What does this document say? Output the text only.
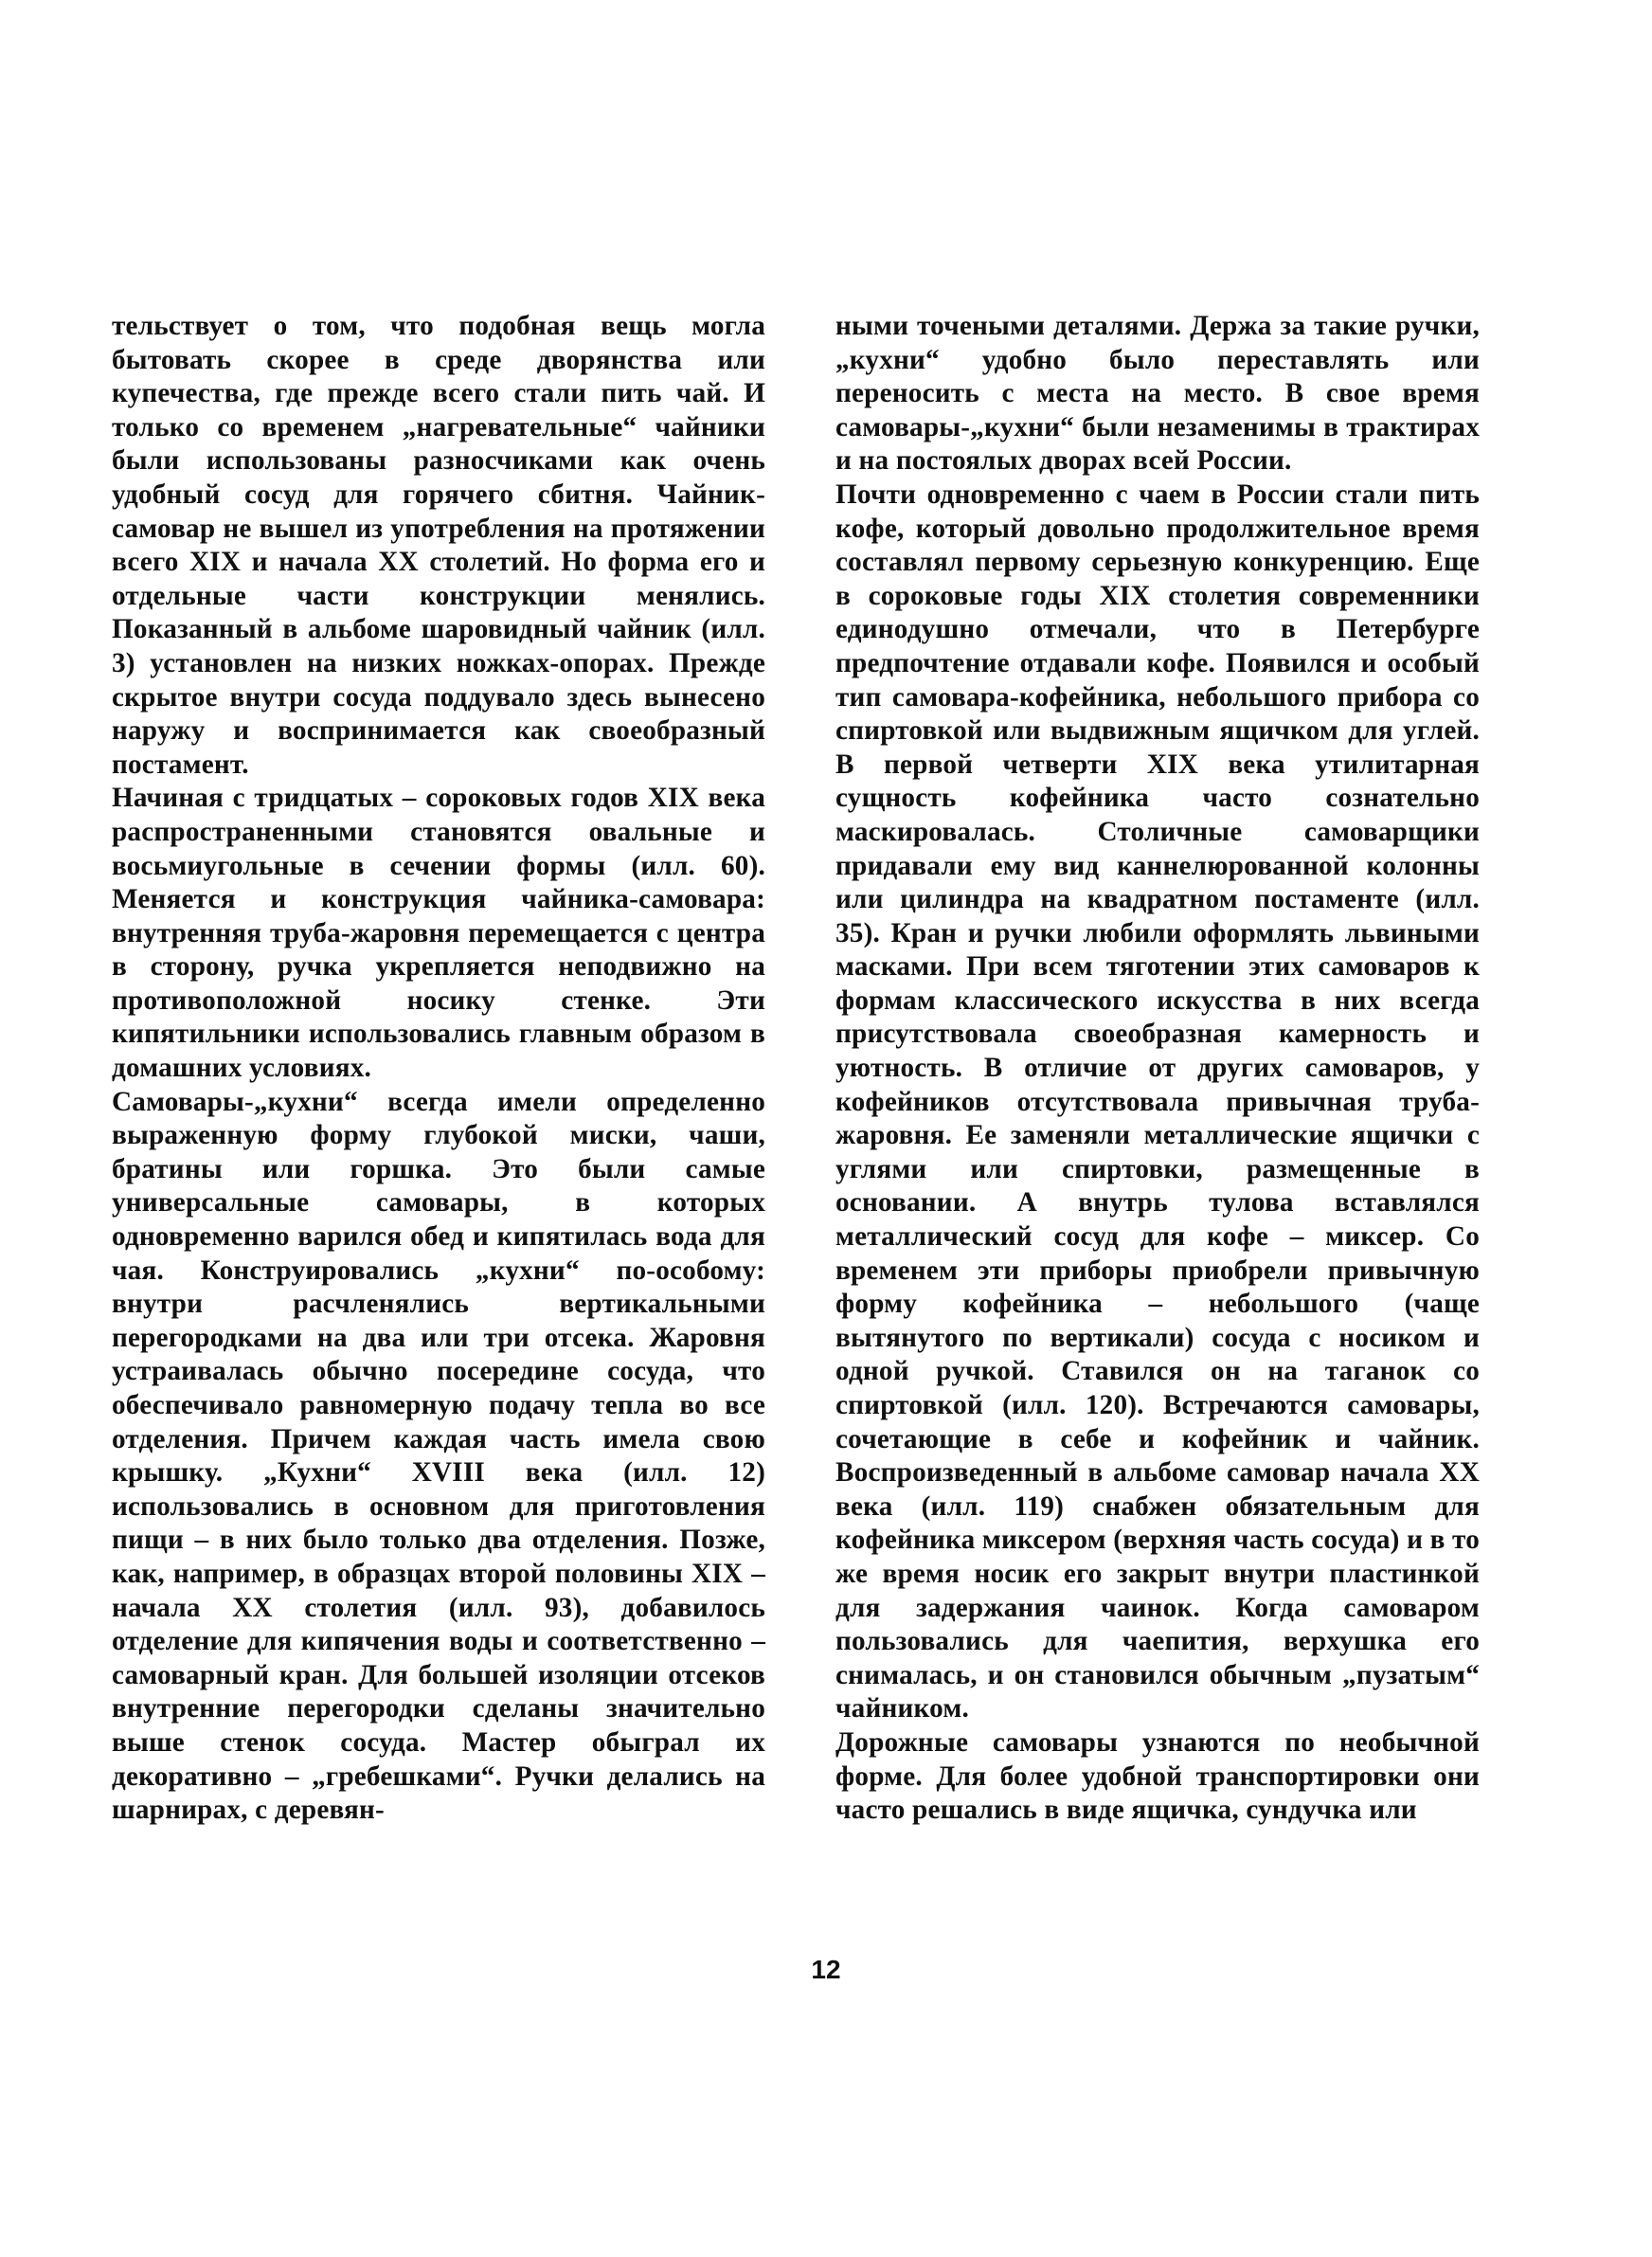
тельствует о том, что подобная вещь могла бытовать скорее в среде дворянства или купечества, где прежде всего стали пить чай. И только со временем „нагревательные“ чайники были использованы разносчиками как очень удобный сосуд для горячего сбитня. Чайник-самовар не вышел из употребления на протяжении всего XIX и начала XX столетий. Но форма его и отдельные части конструкции менялись. Показанный в альбоме шаровидный чайник (илл. 3) установлен на низких ножках-опорах. Прежде скрытое внутри сосуда поддувало здесь вынесено наружу и воспринимается как своеобразный постамент.

Начиная с тридцатых – сороковых годов XIX века распространенными становятся овальные и восьмиугольные в сечении формы (илл. 60). Меняется и конструкция чайника-самовара: внутренняя труба-жаровня перемещается с центра в сторону, ручка укрепляется неподвижно на противоположной носику стенке. Эти кипятильники использовались главным образом в домашних условиях.

Самовары-„кухни“ всегда имели определенно выраженную форму глубокой миски, чаши, братины или горшка. Это были самые универсальные самовары, в которых одновременно варился обед и кипятилась вода для чая. Конструировались „кухни“ по-особому: внутри расчленялись вертикальными перегородками на два или три отсека. Жаровня устраивалась обычно посередине сосуда, что обеспечивало равномерную подачу тепла во все отделения. Причем каждая часть имела свою крышку. „Кухни“ XVIII века (илл. 12) использовались в основном для приготовления пищи – в них было только два отделения. Позже, как, например, в образцах второй половины XIX – начала XX столетия (илл. 93), добавилось отделение для кипячения воды и соответственно – самоварный кран. Для большей изоляции отсеков внутренние перегородки сделаны значительно выше стенок сосуда. Мастер обыграл их декоративно – „гребешками“. Ручки делались на шарнирах, с деревян-

ными точеными деталями. Держа за такие ручки, „кухни“ удобно было переставлять или переносить с места на место. В свое время самовары-„кухни“ были незаменимы в трактирах и на постоялых дворах всей России.

Почти одновременно с чаем в России стали пить кофе, который довольно продолжительное время составлял первому серьезную конкуренцию. Еще в сороковые годы XIX столетия современники единодушно отмечали, что в Петербурге предпочтение отдавали кофе. Появился и особый тип самовара-кофейника, небольшого прибора со спиртовкой или выдвижным ящичком для углей. В первой четверти XIX века утилитарная сущность кофейника часто сознательно маскировалась. Столичные самоварщики придавали ему вид каннелюрованной колонны или цилиндра на квадратном постаменте (илл. 35). Кран и ручки любили оформлять львиными масками. При всем тяготении этих самоваров к формам классического искусства в них всегда присутствовала своеобразная камерность и уютность. В отличие от других самоваров, у кофейников отсутствовала привычная труба-жаровня. Ее заменяли металлические ящички с углями или спиртовки, размещенные в основании. А внутрь тулова вставлялся металлический сосуд для кофе – миксер. Со временем эти приборы приобрели привычную форму кофейника – небольшого (чаще вытянутого по вертикали) сосуда с носиком и одной ручкой. Ставился он на таганок со спиртовкой (илл. 120). Встречаются самовары, сочетающие в себе и кофейник и чайник. Воспроизведенный в альбоме самовар начала XX века (илл. 119) снабжен обязательным для кофейника миксером (верхняя часть сосуда) и в то же время носик его закрыт внутри пластинкой для задержания чаинок. Когда самоваром пользовались для чаепития, верхушка его снималась, и он становился обычным „пузатым“ чайником.

Дорожные самовары узнаются по необычной форме. Для более удобной транспортировки они часто решались в виде ящичка, сундучка или

12
